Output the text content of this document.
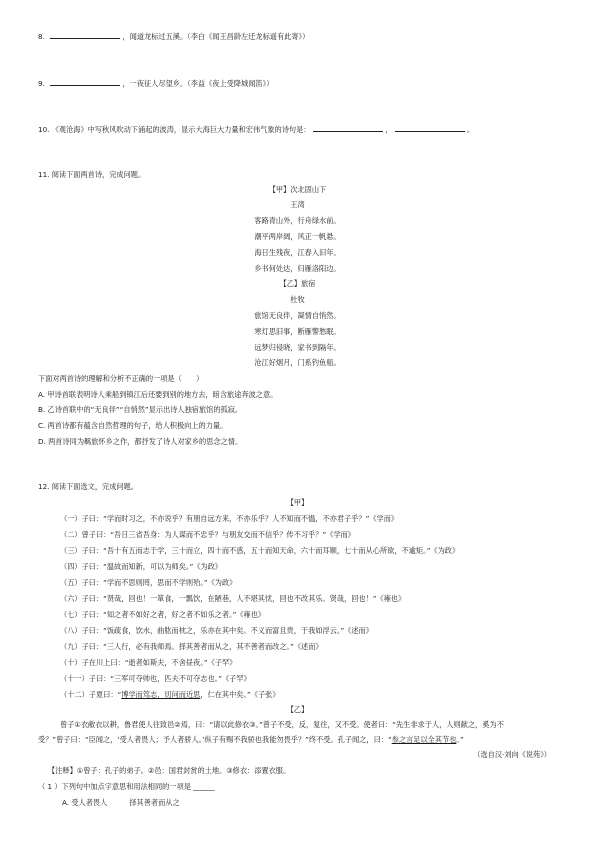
8.	，闻道龙标过五溪。（李白《闻王昌龄左迁龙标遥有此寄》）
9.	，一夜征人尽望乡。（李益《夜上受降城闻笛》）
10. 《观沧海》中写秋风吹动下涌起的波涛，显示大海巨大力量和宏伟气象的诗句是：	，	。
11. 阅读下面两首诗，完成问题。
【甲】次北固山下
王湾
客路青山外，行舟绿水前。
潮平两岸阔，风正一帆悬。
海日生残夜，江春入旧年。
乡书何处达，归雁洛阳边。
【乙】旅宿
杜牧
旅馆无良伴，凝情自悄然。
寒灯思旧事，断雁警愁眠。
远梦归侵晓，家书到隔年。
沧江好烟月，门系钓鱼船。
下面对两首诗的理解和分析不正确的一项是（　　）
A. 甲诗首联表明诗人乘船到镇江后还要到别的地方去，暗含旅途奔波之意。
B. 乙诗首联中的“无良伴”“自悄然”显示出诗人独宿旅馆的孤寂。
C. 两首诗都有蕴含自然哲理的句子，给人积极向上的力量。
D. 两首诗同为羁旅怀乡之作，都抒发了诗人对家乡的思念之情。
12. 阅读下面选文，完成问题。
【甲】
（一）子曰：“学而时习之，不亦说乎？有朋自远方来，不亦乐乎？人不知而不愠，不亦君子乎？”《学而》
（二）曾子曰：“吾日三省吾身：为人谋而不忠乎？与朋友交而不信乎？传不习乎？”《学而》
（三）子曰：“吾十有五而志于学，三十而立，四十而不惑，五十而知天命，六十而耳顺，七十而从心所欲，不逾矩。”《为政》
（四）子曰：“温故而知新，可以为师矣。”《为政》
（五）子曰：“学而不思则罔，思而不学则殆。”《为政》
（六）子曰：“贤哉，回也！一箪食，一瓢饮，在陋巷，人不堪其忧，回也不改其乐。贤哉，回也！”《雍也》
（七）子曰：“知之者不如好之者，好之者不如乐之者。”《雍也》
（八）子曰：“饭疏食，饮水，曲肱而枕之，乐亦在其中矣。不义而富且贵，于我如浮云。”《述而》
（九）子曰：“三人行，必有我师焉。择其善者而从之，其不善者而改之。”《述而》
（十）子在川上曰：“逝者如斯夫，不舍昼夜。”《子罕》
（十一）子曰：“三军可夺帅也，匹夫不可夺志也。”《子罕》
（十二）子夏曰：“博学而笃志，切问而近思，仁在其中矣。”《子张》
【乙】
曾子①衣敝衣以耕，鲁君使人往致邑②焉，曰：“请以此修衣③。”曾子不受，反，复往，又不受。使者曰：“先生非求于人，人则献之，奚为不
受？”曾子曰：“臣闻之，‘受人者畏人；予人者骄人。’纵子有赐不我骄也我能勿畏乎？”终不受。孔子闻之，曰：“参之言足以全其节也。”
（选自汉·刘向《说苑》）
【注释】①曾子：孔子的弟子。②邑：国君封赏的土地。③修衣：添置衣服。
（ 1 ）下列句中加点字意思和用法相同的一项是 ______
A. 受人者畏人	择其善者而从之
